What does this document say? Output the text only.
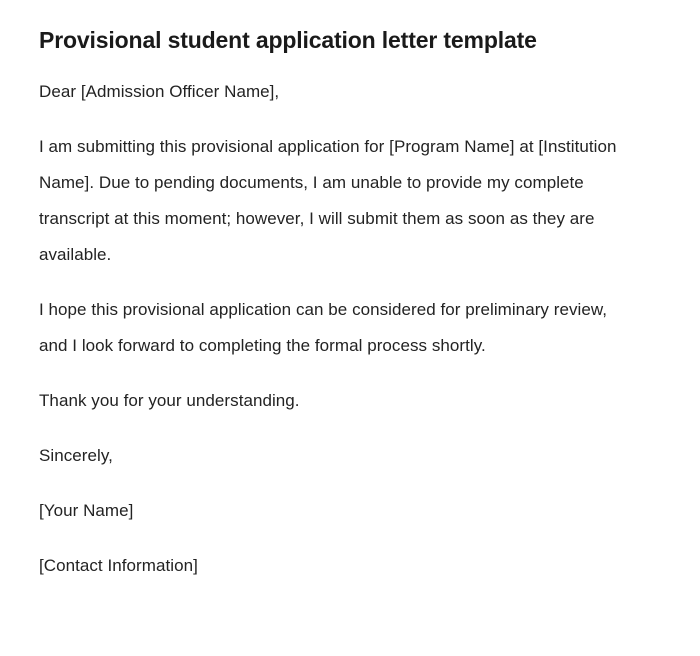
Provisional student application letter template

Dear [Admission Officer Name],

I am submitting this provisional application for [Program Name] at [Institution Name]. Due to pending documents, I am unable to provide my complete transcript at this moment; however, I will submit them as soon as they are available.

I hope this provisional application can be considered for preliminary review, and I look forward to completing the formal process shortly.

Thank you for your understanding.

Sincerely,

[Your Name]

[Contact Information]
